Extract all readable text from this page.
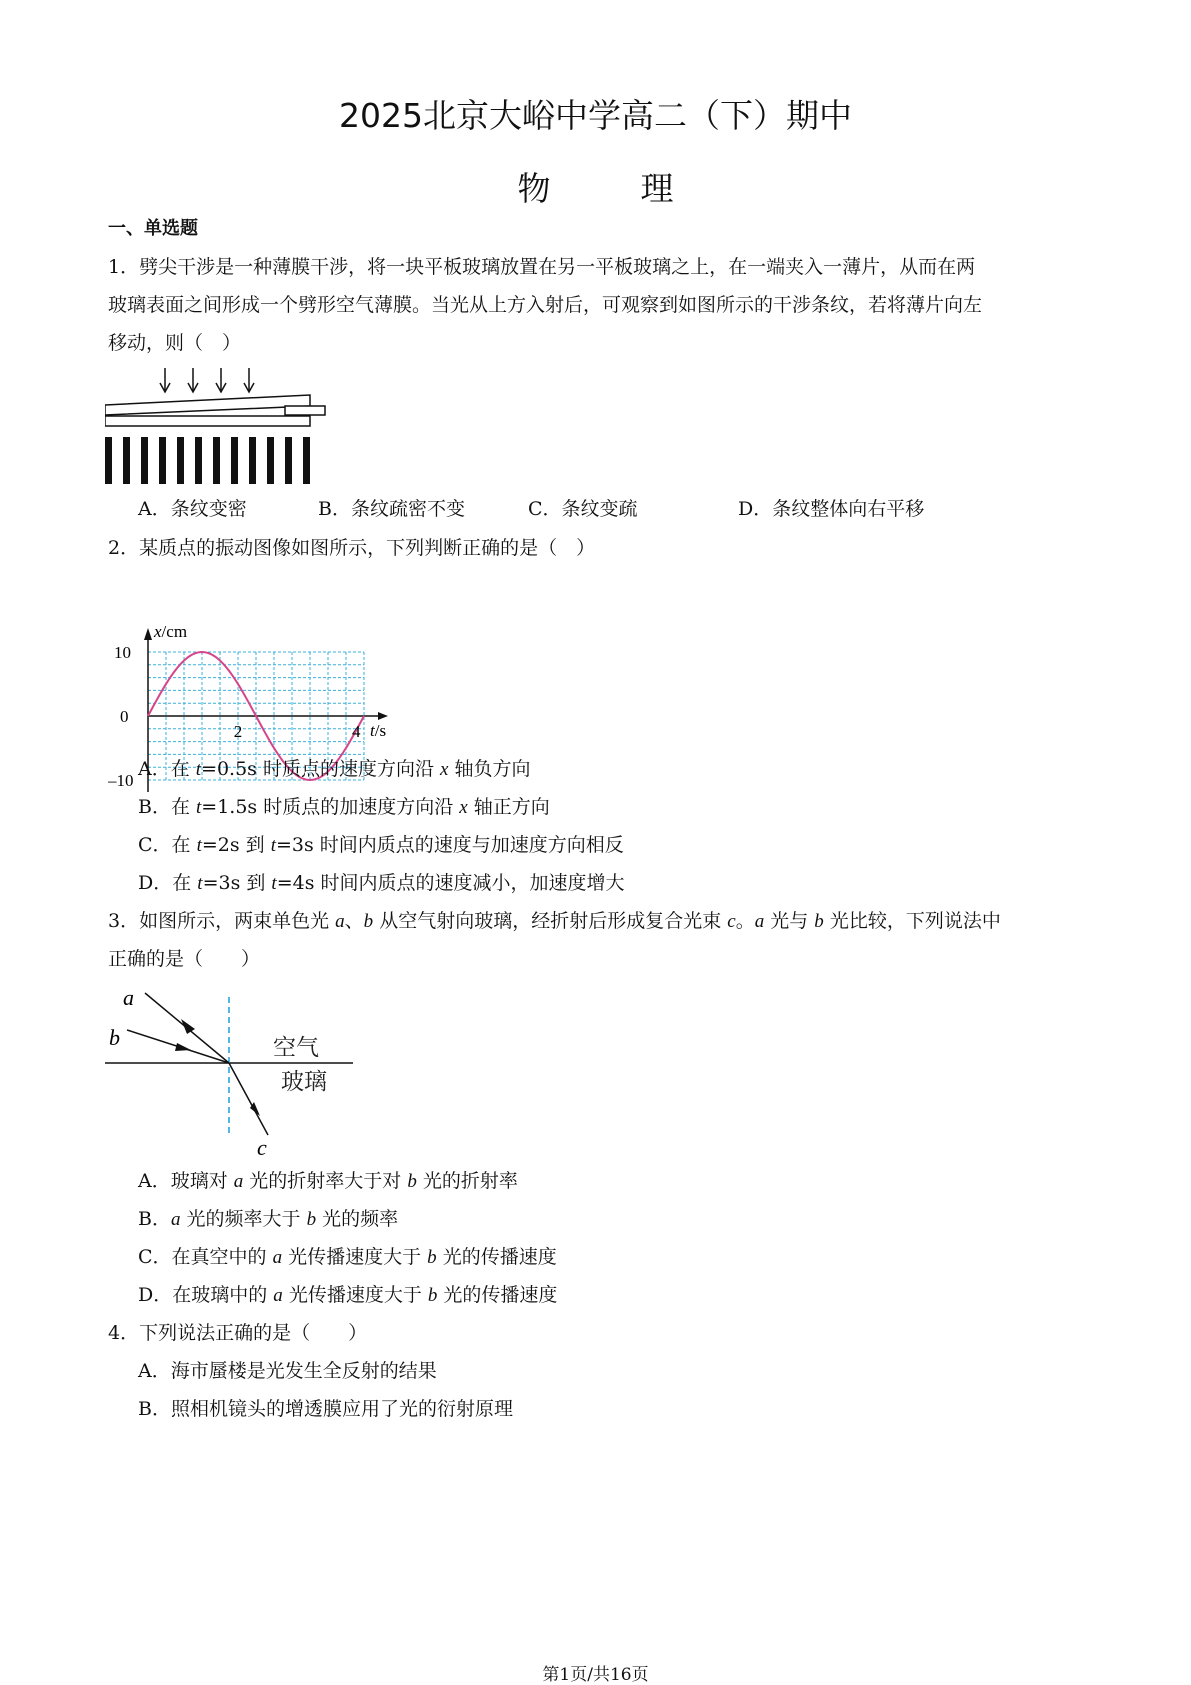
2025北京大峪中学高二（下）期中
物	理
一、单选题
1．劈尖干涉是一种薄膜干涉，将一块平板玻璃放置在另一平板玻璃之上，在一端夹入一薄片，从而在两
玻璃表面之间形成一个劈形空气薄膜。当光从上方入射后，可观察到如图所示的干涉条纹，若将薄片向左
移动，则（　）
A．条纹变密	B．条纹疏密不变	C．条纹变疏	D．条纹整体向右平移
2．某质点的振动图像如图所示，下列判断正确的是（　）
x/cm
t/s
10
0
–10
2	4
A．在 t=0.5s 时质点的速度方向沿 x 轴负方向
B．在 t=1.5s 时质点的加速度方向沿 x 轴正方向
C．在 t=2s 到 t=3s 时间内质点的速度与加速度方向相反
D．在 t=3s 到 t=4s 时间内质点的速度减小，加速度增大
3．如图所示，两束单色光 a、b 从空气射向玻璃，经折射后形成复合光束 c。a 光与 b 光比较，下列说法中
正确的是（　　）
a
b
c
空气
玻璃
A．玻璃对 a 光的折射率大于对 b 光的折射率
B．a 光的频率大于 b 光的频率
C．在真空中的 a 光传播速度大于 b 光的传播速度
D．在玻璃中的 a 光传播速度大于 b 光的传播速度
4．下列说法正确的是（　　）
A．海市蜃楼是光发生全反射的结果
B．照相机镜头的增透膜应用了光的衍射原理
第1页/共16页
